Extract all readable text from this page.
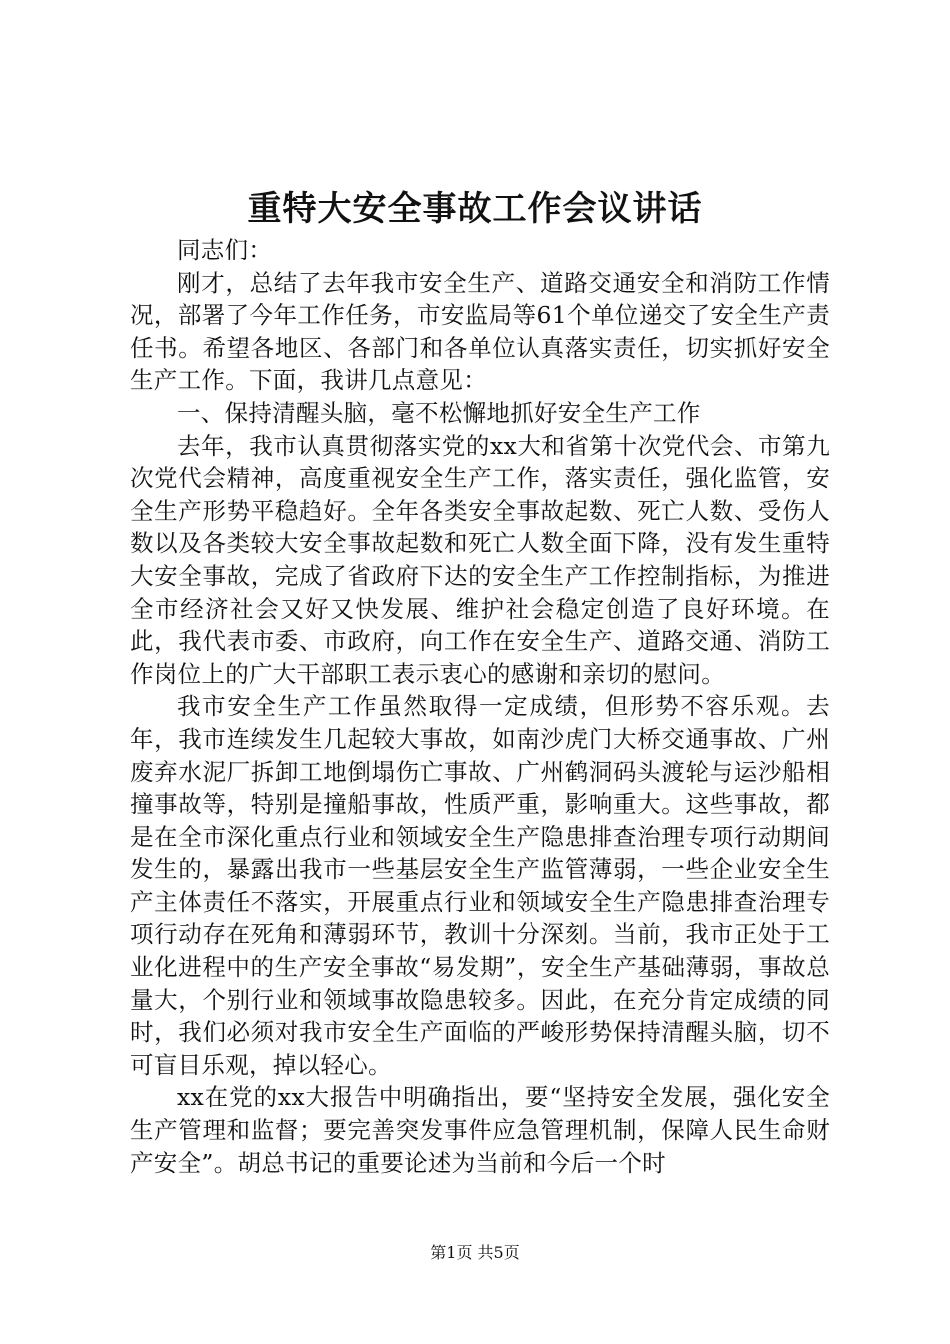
重特大安全事故工作会议讲话

同志们：

刚才，总结了去年我市安全生产、道路交通安全和消防工作情况，部署了今年工作任务，市安监局等61个单位递交了安全生产责任书。希望各地区、各部门和各单位认真落实责任，切实抓好安全生产工作。下面，我讲几点意见：

一、保持清醒头脑，毫不松懈地抓好安全生产工作

去年，我市认真贯彻落实党的xx大和省第十次党代会、市第九次党代会精神，高度重视安全生产工作，落实责任，强化监管，安全生产形势平稳趋好。全年各类安全事故起数、死亡人数、受伤人数以及各类较大安全事故起数和死亡人数全面下降，没有发生重特大安全事故，完成了省政府下达的安全生产工作控制指标，为推进全市经济社会又好又快发展、维护社会稳定创造了良好环境。在此，我代表市委、市政府，向工作在安全生产、道路交通、消防工作岗位上的广大干部职工表示衷心的感谢和亲切的慰问。

我市安全生产工作虽然取得一定成绩，但形势不容乐观。去年，我市连续发生几起较大事故，如南沙虎门大桥交通事故、广州废弃水泥厂拆卸工地倒塌伤亡事故、广州鹤洞码头渡轮与运沙船相撞事故等，特别是撞船事故，性质严重，影响重大。这些事故，都是在全市深化重点行业和领域安全生产隐患排查治理专项行动期间发生的，暴露出我市一些基层安全生产监管薄弱，一些企业安全生产主体责任不落实，开展重点行业和领域安全生产隐患排查治理专项行动存在死角和薄弱环节，教训十分深刻。当前，我市正处于工业化进程中的生产安全事故“易发期”，安全生产基础薄弱，事故总量大，个别行业和领域事故隐患较多。因此，在充分肯定成绩的同时，我们必须对我市安全生产面临的严峻形势保持清醒头脑，切不可盲目乐观，掉以轻心。

xx在党的xx大报告中明确指出，要“坚持安全发展，强化安全生产管理和监督；要完善突发事件应急管理机制，保障人民生命财产安全”。胡总书记的重要论述为当前和今后一个时

第1页 共5页
